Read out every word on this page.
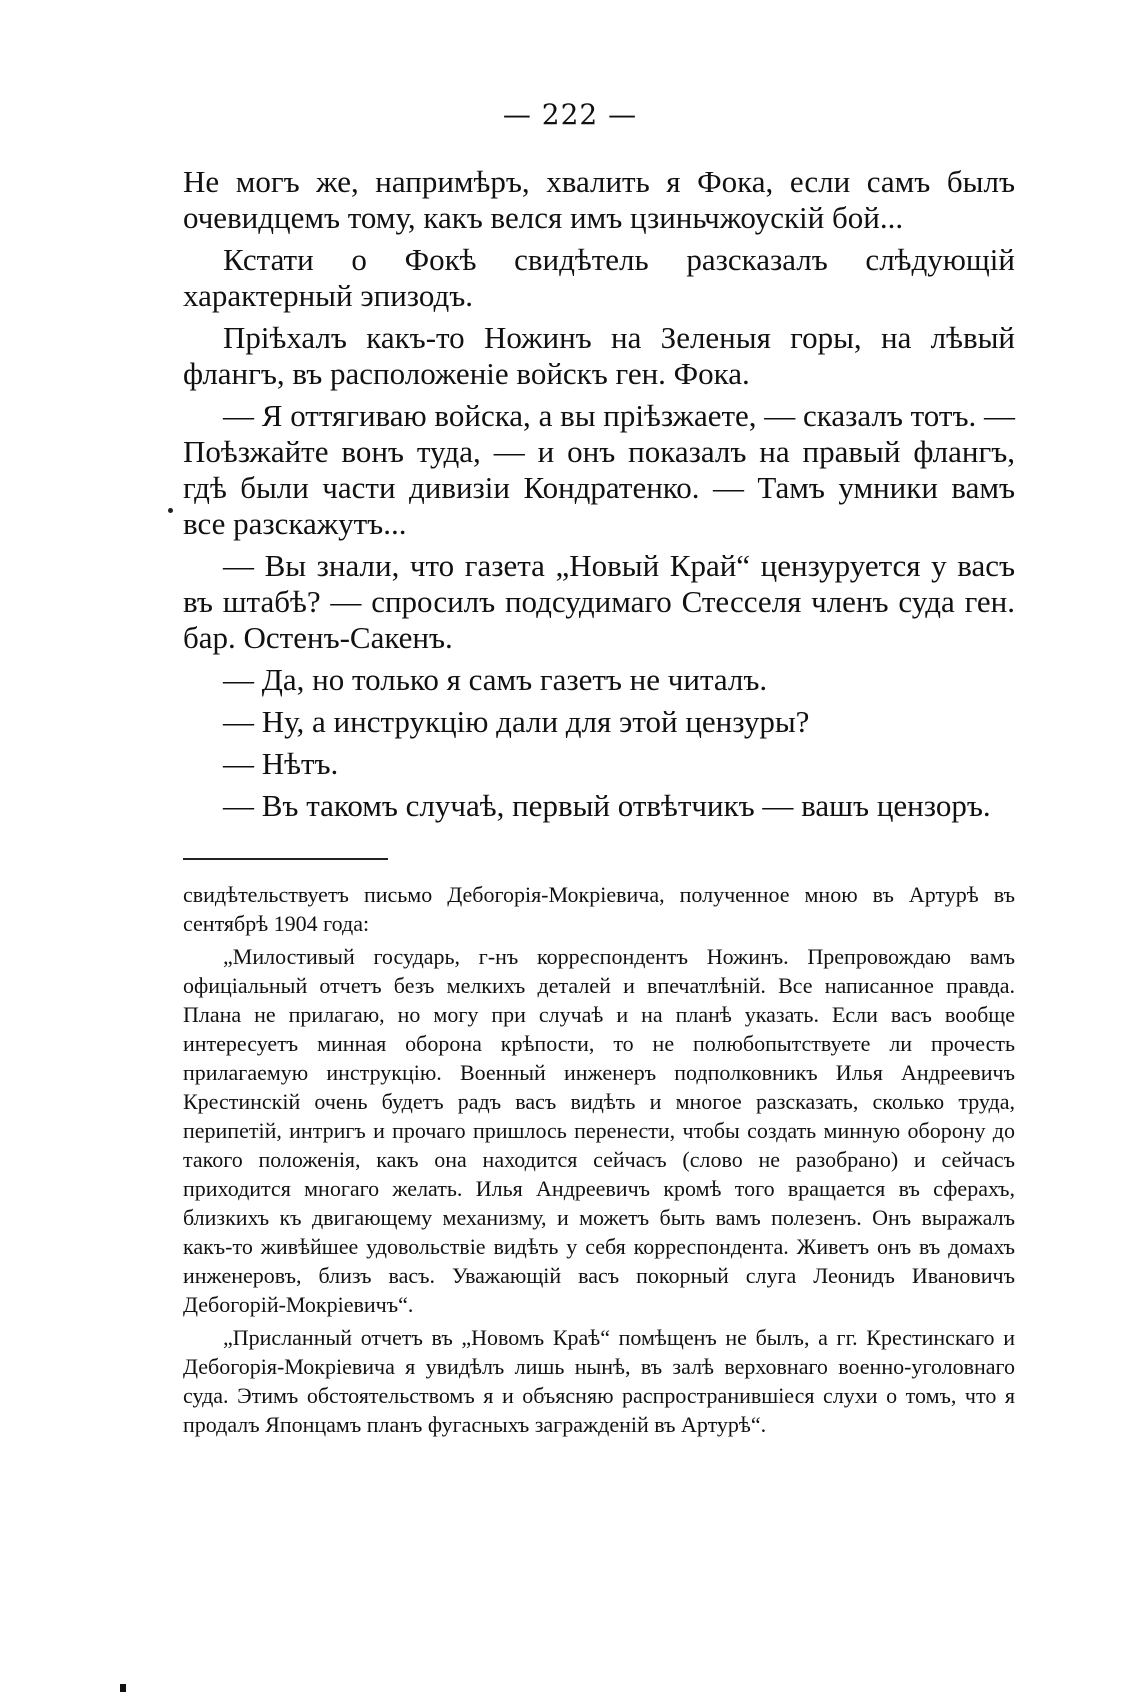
— 222 —

Не могъ же, напримѣръ, хвалить я Фока, если самъ былъ очевидцемъ тому, какъ велся имъ цзиньчжоускій бой...

Кстати о Фокѣ свидѣтель разсказалъ слѣдующій характерный эпизодъ.

Пріѣхалъ какъ-то Ножинъ на Зеленыя горы, на лѣвый флангъ, въ расположеніе войскъ ген. Фока.

— Я оттягиваю войска, а вы пріѣзжаете, — сказалъ тотъ. — Поѣзжайте вонъ туда, — и онъ показалъ на правый флангъ, гдѣ были части дивизіи Кондратенко. — Тамъ умники вамъ все разскажутъ...

— Вы знали, что газета „Новый Край“ цензуруется у васъ въ штабѣ? — спросилъ подсудимаго Стесселя членъ суда ген. бар. Остенъ-Сакенъ.

— Да, но только я самъ газетъ не читалъ.

— Ну, а инструкцію дали для этой цензуры?

— Нѣтъ.

— Въ такомъ случаѣ, первый отвѣтчикъ — вашъ цензоръ.

свидѣтельствуетъ письмо Дебогорія-Мокріевича, полученное мною въ Артурѣ въ сентябрѣ 1904 года:

„Милостивый государь, г-нъ корреспондентъ Ножинъ. Препровождаю вамъ офиціальный отчетъ безъ мелкихъ деталей и впечатлѣній. Все написанное правда. Плана не прилагаю, но могу при случаѣ и на планѣ указать. Если васъ вообще интересуетъ минная оборона крѣпости, то не полюбопытствуете ли прочесть прилагаемую инструкцію. Военный инженеръ подполковникъ Илья Андреевичъ Крестинскій очень будетъ радъ васъ видѣть и многое разсказать, сколько труда, перипетій, интригъ и прочаго пришлось перенести, чтобы создать минную оборону до такого положенія, какъ она находится сейчасъ (слово не разобрано) и сейчасъ приходится многаго желать. Илья Андреевичъ кромѣ того вращается въ сферахъ, близкихъ къ двигающему механизму, и можетъ быть вамъ полезенъ. Онъ выражалъ какъ-то живѣйшее удовольствіе видѣть у себя корреспондента. Живетъ онъ въ домахъ инженеровъ, близъ васъ. Уважающій васъ покорный слуга Леонидъ Ивановичъ Дебогорій-Мокріевичъ“.

„Присланный отчетъ въ „Новомъ Краѣ“ помѣщенъ не былъ, а гг. Крестинскаго и Дебогорія-Мокріевича я увидѣлъ лишь нынѣ, въ залѣ верховнаго военно-уголовнаго суда. Этимъ обстоятельствомъ я и объясняю распространившіеся слухи о томъ, что я продалъ Японцамъ планъ фугасныхъ загражденій въ Артурѣ“.
